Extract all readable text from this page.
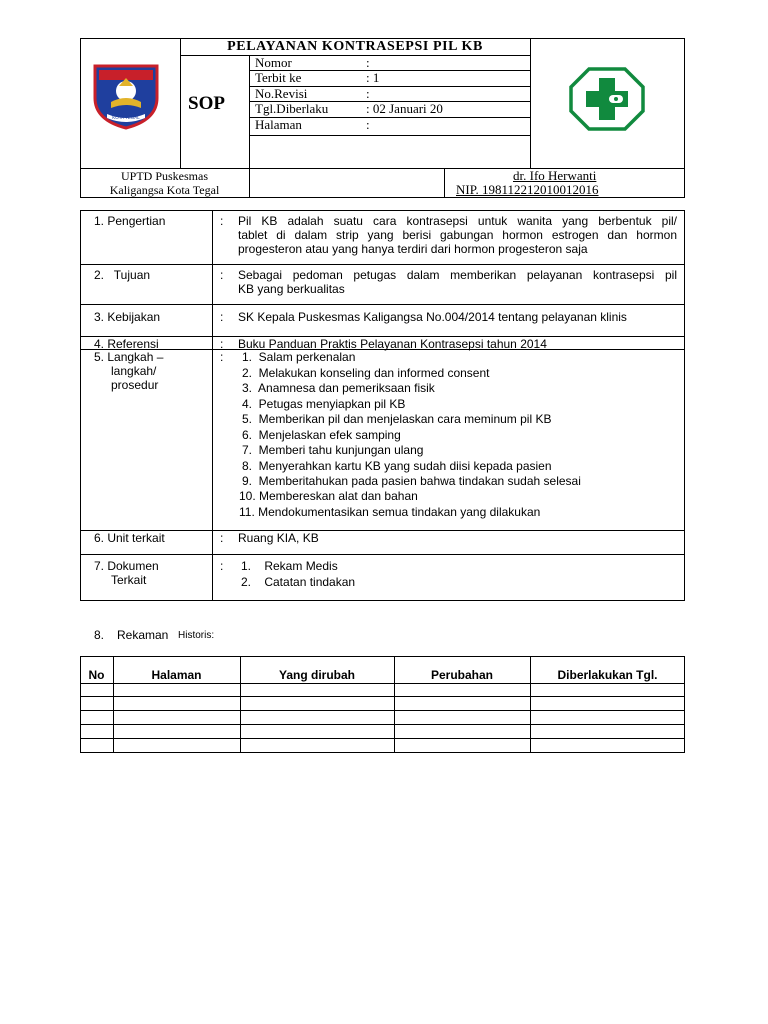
KOTA TEGAL
SOP
PELAYANAN KONTRASEPSI PIL KB
Nomor	:
Terbit ke	: 1
No.Revisi	:
Tgl.Diberlaku	: 02 Januari 20
Halaman	:
UPTD Puskesmas
Kaligangsa Kota Tegal
dr. Ifo Herwanti
NIP. 198112212010012016
1. Pengertian	: Pil KB adalah suatu cara kontrasepsi untuk wanita yang berbentuk pil/
tablet di dalam strip yang berisi gabungan hormon estrogen dan hormon
progesteron atau yang hanya terdiri dari hormon progesteron saja
2.   Tujuan	: Sebagai pedoman petugas dalam memberikan pelayanan kontrasepsi pil
KB yang berkualitas
3. Kebijakan	: SK Kepala Puskesmas Kaligangsa No.004/2014 tentang pelayanan klinis
4. Referensi	: Buku Panduan Praktis Pelayanan Kontrasepsi tahun 2014
5. Langkah –
langkah/
prosedur
: 1.  Salam perkenalan
2.  Melakukan konseling dan informed consent
3.  Anamnesa dan pemeriksaan fisik
4.  Petugas menyiapkan pil KB
5.  Memberikan pil dan menjelaskan cara meminum pil KB
6.  Menjelaskan efek samping
7.  Memberi tahu kunjungan ulang
8.  Menyerahkan kartu KB yang sudah diisi kepada pasien
9.  Memberitahukan pada pasien bahwa tindakan sudah selesai
10. Membereskan alat dan bahan
11. Mendokumentasikan semua tindakan yang dilakukan
6. Unit terkait	: Ruang KIA, KB
7. Dokumen
Terkait
: 1.    Rekam Medis
2.    Catatan tindakan
8. Rekaman Historis:
No	Halaman	Yang dirubah	Perubahan	Diberlakukan Tgl.
